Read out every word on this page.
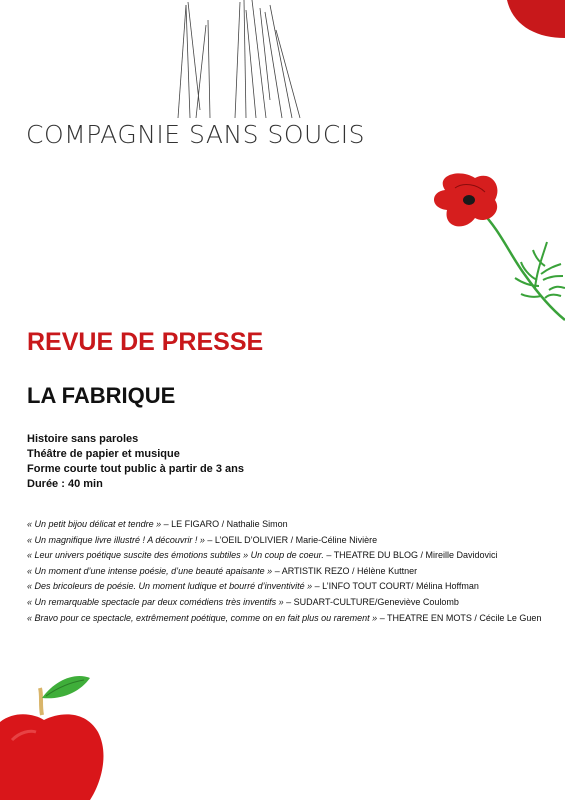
COMPAGNIE SANS SOUCIS
REVUE DE PRESSE
LA FABRIQUE
Histoire sans paroles
Théâtre de papier et musique
Forme courte tout public à partir de 3 ans
Durée : 40 min

« Un petit bijou délicat et tendre » – LE FIGARO / Nathalie Simon

« Un magnifique livre illustré ! A découvrir ! » – L’OEIL D’OLIVIER / Marie-Céline Nivière

« Leur univers poétique suscite des émotions subtiles » Un coup de coeur. – THEATRE DU BLOG / Mireille Davidovici

« Un moment d’une intense poésie, d’une beauté apaisante » – ARTISTIK REZO / Hélène Kuttner

« Des bricoleurs de poésie. Un moment ludique et bourré d’inventivité » – L’INFO TOUT COURT/ Mélina Hoffman

« Un remarquable spectacle par deux comédiens très inventifs » – SUDART-CULTURE/Geneviève Coulomb

« Bravo pour ce spectacle, extrêmement poétique, comme on en fait plus ou rarement » – THEATRE EN MOTS / Cécile Le Guen
